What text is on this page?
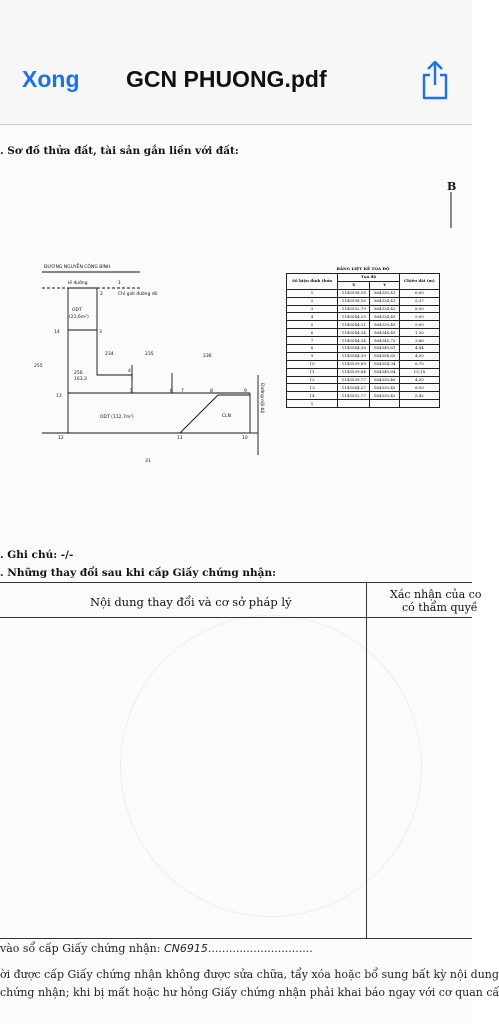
Xong GCN PHUONG.pdf
. Sơ đồ thửa đất, tài sản gắn liền với đất:
B
ĐƯỜNG NGUYỄN CÔNG BÌNH
lề đường
Chỉ giới đường đỏ
ODT
(21,6m²)
ODT (112,7m²)	CLN
256
163,3
234	235	236
255
31
Đường nội bộ
1
2
3
4
5	6 7	8	9
10
11
12
13
14
BẢNG LIỆT KÊ TỌA ĐỘ
Số hiệu đỉnh thửa	Tọa độ		Chiều dài (m)
	X	Y	
1	1145558,18	564330,41	6,00
2	1145558,16	564334,41	5,37
3	1145552,79	564334,42	8,50
4	1145544,29	564334,45	5,00
5	1145544,31	564339,45	5,00
6	1145544,34	564344,45	1,30
7	1145544,34	564345,75	3,86
8	1145544,36	564349,61	4,84
9	1145544,39	564354,65	4,50
10	1145539,89	564354,34	8,70
11	1145539,84	564345,64	15,18
12	1145539,77	564330,46	4,50
13	1145544,27	564330,45	8,50
14	1145552,77	564330,42	5,42
1			
. Ghi chú: -/-
. Những thay đổi sau khi cấp Giấy chứng nhận:
Nội dung thay đổi và cơ sở pháp lý
Xác nhận của co
có thẩm quyề
vào sổ cấp Giấy chứng nhận: CN6915..............................
ời được cấp Giấy chứng nhận không được sửa chữa, tẩy xóa hoặc bổ sung bất kỳ nội dung
chứng nhận; khi bị mất hoặc hư hỏng Giấy chứng nhận phải khai báo ngay với cơ quan cấ
